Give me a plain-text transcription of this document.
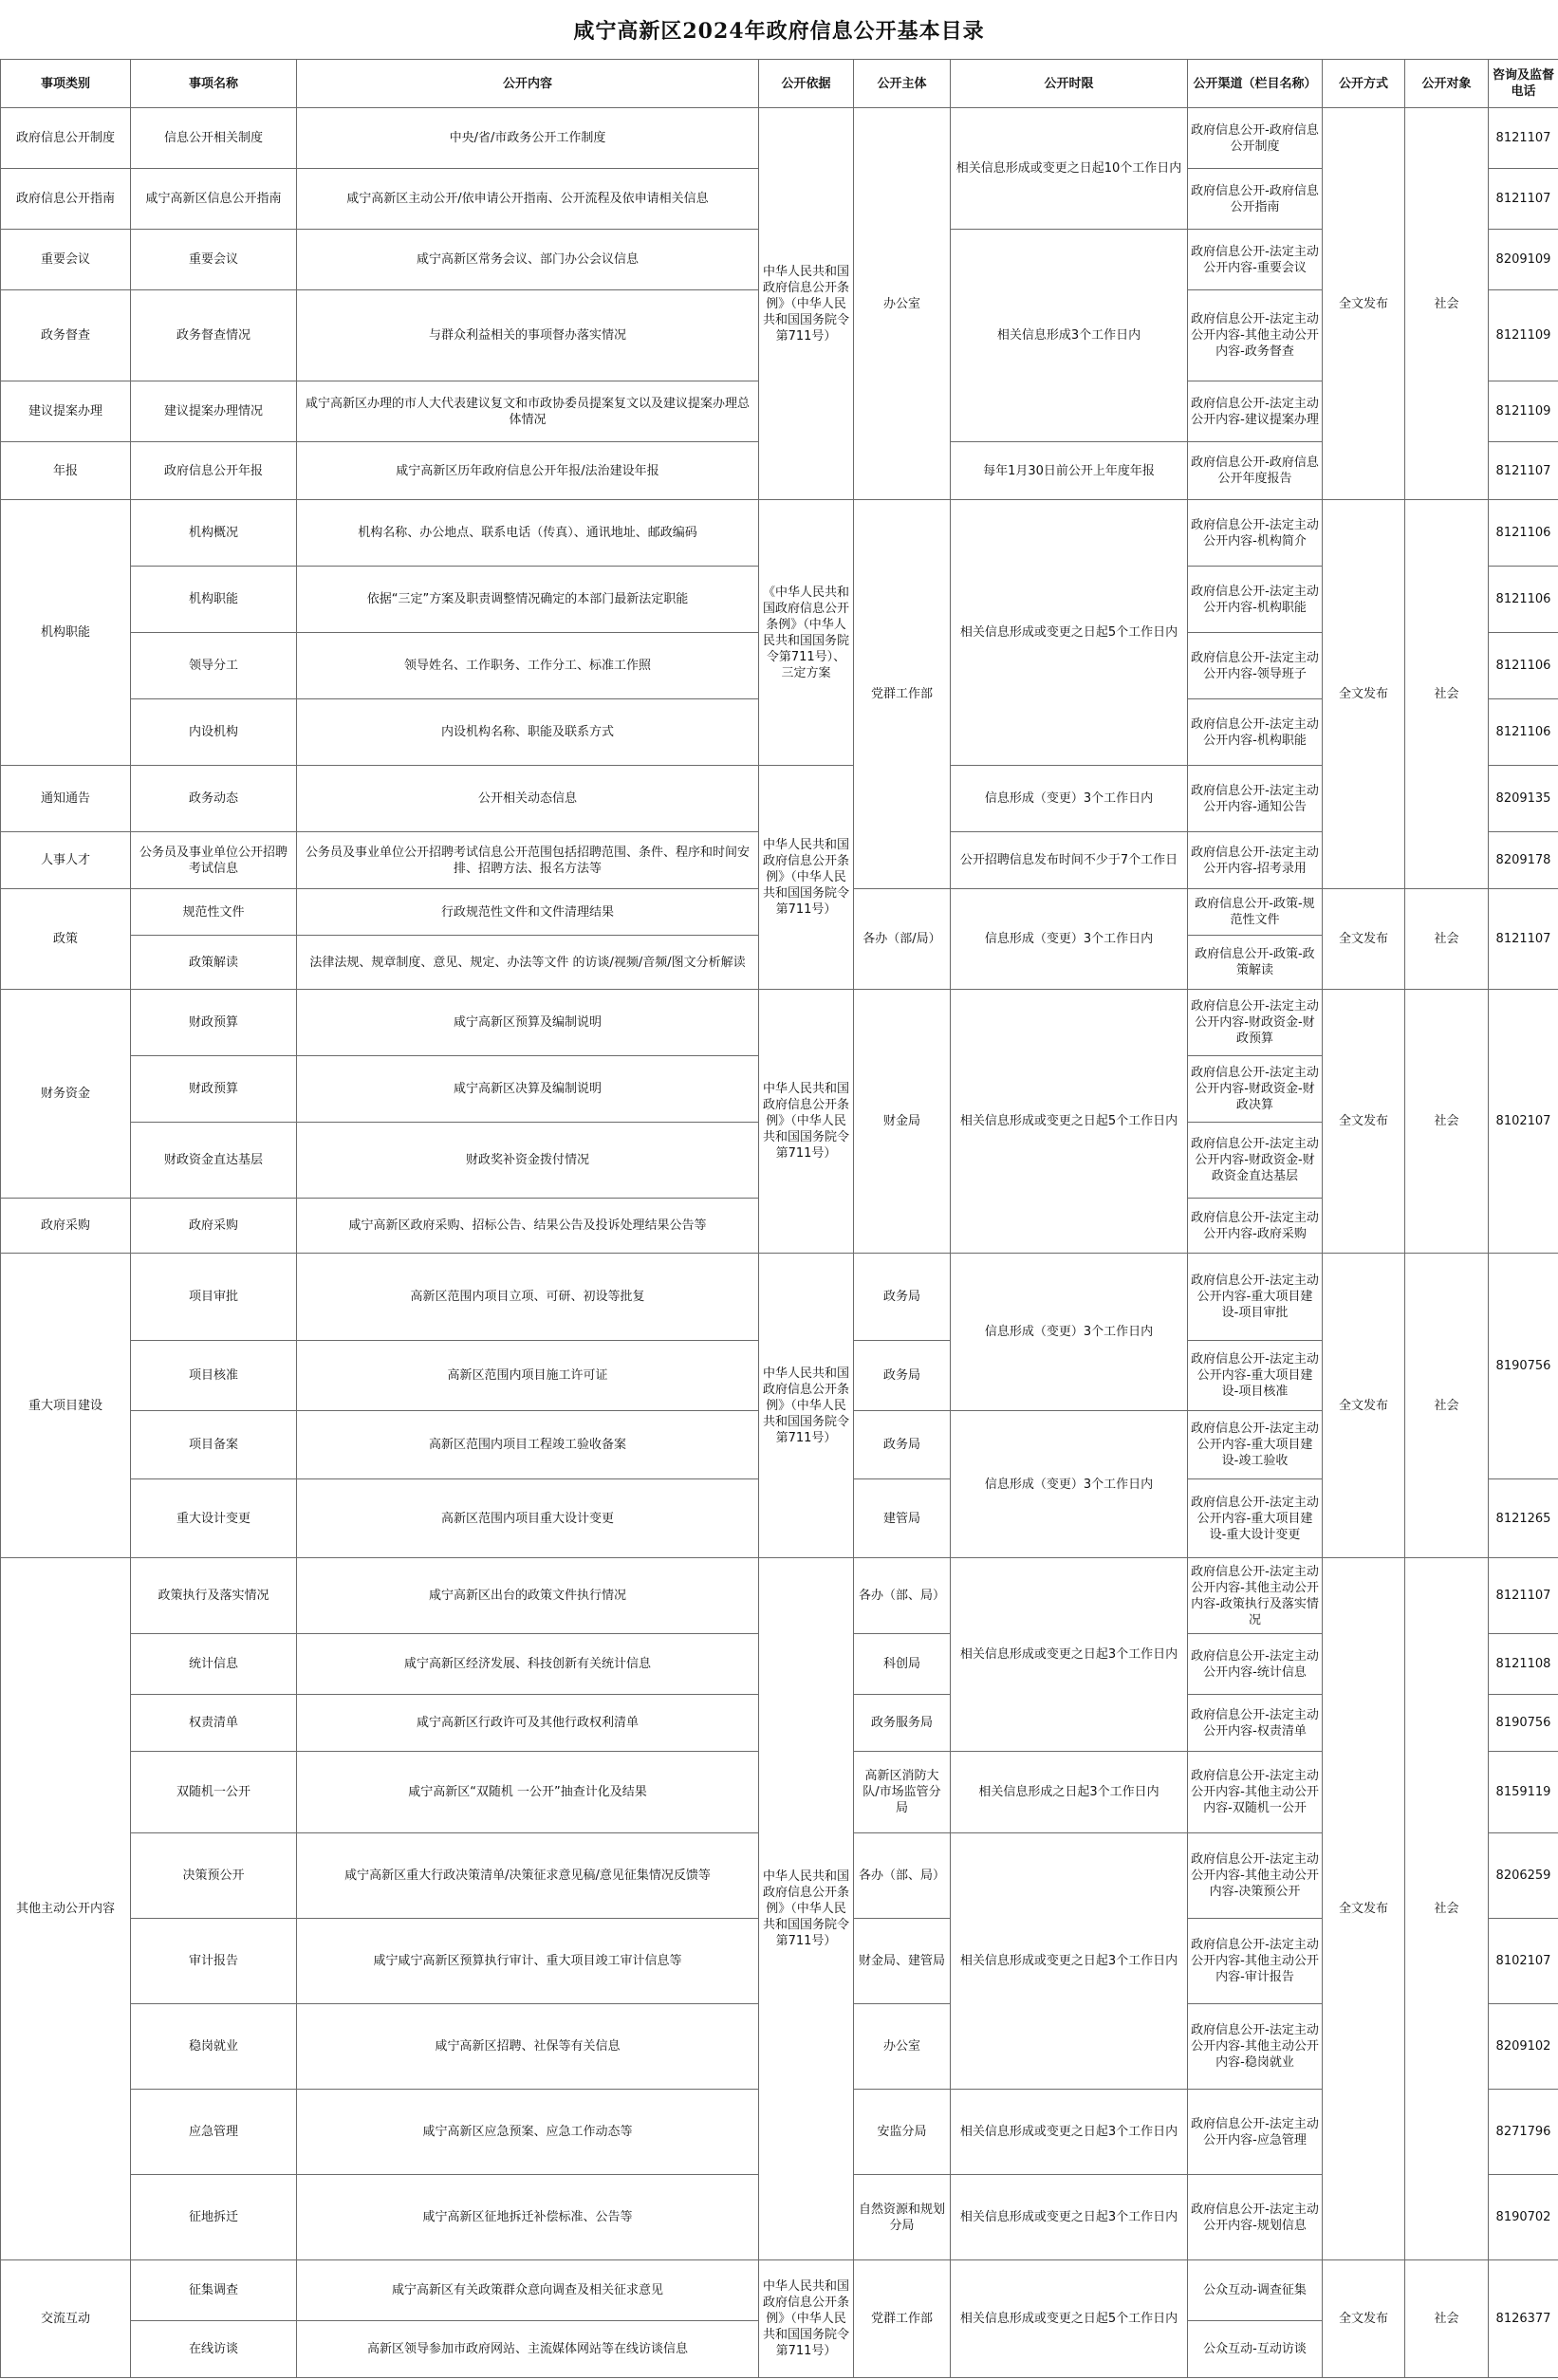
咸宁高新区2024年政府信息公开基本目录
事项类别	事项名称	公开内容	公开依据	公开主体	公开时限	公开渠道（栏目名称）	公开方式	公开对象	咨询及监督电话
政府信息公开制度	信息公开相关制度	中央/省/市政务公开工作制度	中华人民共和国政府信息公开条例》（中华人民共和国国务院令第711号）	办公室	相关信息形成或变更之日起10个工作日内	政府信息公开-政府信息公开制度	全文发布	社会	8121107
政府信息公开指南	咸宁高新区信息公开指南	咸宁高新区主动公开/依申请公开指南、公开流程及依申请相关信息				政府信息公开-政府信息公开指南			8121107
重要会议	重要会议	咸宁高新区常务会议、部门办公会议信息			相关信息形成3个工作日内	政府信息公开-法定主动公开内容-重要会议			8209109
政务督查	政务督查情况	与群众利益相关的事项督办落实情况				政府信息公开-法定主动公开内容-其他主动公开内容-政务督查			8121109
建议提案办理	建议提案办理情况	咸宁高新区办理的市人大代表建议复文和市政协委员提案复文以及建议提案办理总体情况				政府信息公开-法定主动公开内容-建议提案办理			8121109
年报	政府信息公开年报	咸宁高新区历年政府信息公开年报/法治建设年报			每年1月30日前公开上年度年报	政府信息公开-政府信息公开年度报告			8121107
机构职能	机构概况	机构名称、办公地点、联系电话（传真）、通讯地址、邮政编码	《中华人民共和国政府信息公开条例》（中华人民共和国国务院令第711号）、三定方案	党群工作部	相关信息形成或变更之日起5个工作日内	政府信息公开-法定主动公开内容-机构简介	全文发布	社会	8121106
	机构职能	依据“三定”方案及职责调整情况确定的本部门最新法定职能				政府信息公开-法定主动公开内容-机构职能			8121106
	领导分工	领导姓名、工作职务、工作分工、标准工作照				政府信息公开-法定主动公开内容-领导班子			8121106
	内设机构	内设机构名称、职能及联系方式				政府信息公开-法定主动公开内容-机构职能			8121106
通知通告	政务动态	公开相关动态信息	中华人民共和国政府信息公开条例》（中华人民共和国国务院令第711号）		信息形成（变更）3个工作日内	政府信息公开-法定主动公开内容-通知公告			8209135
人事人才	公务员及事业单位公开招聘考试信息	公务员及事业单位公开招聘考试信息公开范围包括招聘范围、条件、程序和时间安排、招聘方法、报名方法等			公开招聘信息发布时间不少于7个工作日	政府信息公开-法定主动公开内容-招考录用			8209178
政策	规范性文件	行政规范性文件和文件清理结果		各办（部/局）	信息形成（变更）3个工作日内	政府信息公开-政策-规范性文件	全文发布	社会	8121107
	政策解读	法律法规、规章制度、意见、规定、办法等文件 的访谈/视频/音频/图文分析解读				政府信息公开-政策-政策解读			
财务资金	财政预算	咸宁高新区预算及编制说明	中华人民共和国政府信息公开条例》（中华人民共和国国务院令第711号）	财金局	相关信息形成或变更之日起5个工作日内	政府信息公开-法定主动公开内容-财政资金-财政预算	全文发布	社会	8102107
	财政预算	咸宁高新区决算及编制说明				政府信息公开-法定主动公开内容-财政资金-财政决算			
	财政资金直达基层	财政奖补资金拨付情况				政府信息公开-法定主动公开内容-财政资金-财政资金直达基层			
政府采购	政府采购	咸宁高新区政府采购、招标公告、结果公告及投诉处理结果公告等				政府信息公开-法定主动公开内容-政府采购			
重大项目建设	项目审批	高新区范围内项目立项、可研、初设等批复	中华人民共和国政府信息公开条例》（中华人民共和国国务院令第711号）	政务局	信息形成（变更）3个工作日内	政府信息公开-法定主动公开内容-重大项目建设-项目审批	全文发布	社会	8190756
	项目核准	高新区范围内项目施工许可证		政务局		政府信息公开-法定主动公开内容-重大项目建设-项目核准			
	项目备案	高新区范围内项目工程竣工验收备案		政务局	信息形成（变更）3个工作日内	政府信息公开-法定主动公开内容-重大项目建设-竣工验收			
	重大设计变更	高新区范围内项目重大设计变更		建管局		政府信息公开-法定主动公开内容-重大项目建设-重大设计变更			8121265
其他主动公开内容	政策执行及落实情况	咸宁高新区出台的政策文件执行情况	中华人民共和国政府信息公开条例》（中华人民共和国国务院令第711号）	各办（部、局）	相关信息形成或变更之日起3个工作日内	政府信息公开-法定主动公开内容-其他主动公开内容-政策执行及落实情况	全文发布	社会	8121107
	统计信息	咸宁高新区经济发展、科技创新有关统计信息		科创局		政府信息公开-法定主动公开内容-统计信息			8121108
	权责清单	咸宁高新区行政许可及其他行政权利清单		政务服务局		政府信息公开-法定主动公开内容-权责清单			8190756
	双随机一公开	咸宁高新区“双随机 一公开”抽查计化及结果		高新区消防大队/市场监管分局	相关信息形成之日起3个工作日内	政府信息公开-法定主动公开内容-其他主动公开内容-双随机一公开			8159119
	决策预公开	咸宁高新区重大行政决策清单/决策征求意见稿/意见征集情况反馈等		各办（部、局）	相关信息形成或变更之日起3个工作日内	政府信息公开-法定主动公开内容-其他主动公开内容-决策预公开			8206259
	审计报告	咸宁咸宁高新区预算执行审计、重大项目竣工审计信息等		财金局、建管局		政府信息公开-法定主动公开内容-其他主动公开内容-审计报告			8102107
	稳岗就业	咸宁高新区招聘、社保等有关信息		办公室		政府信息公开-法定主动公开内容-其他主动公开内容-稳岗就业			8209102
	应急管理	咸宁高新区应急预案、应急工作动态等		安监分局	相关信息形成或变更之日起3个工作日内	政府信息公开-法定主动公开内容-应急管理			8271796
	征地拆迁	咸宁高新区征地拆迁补偿标准、公告等		自然资源和规划分局	相关信息形成或变更之日起3个工作日内	政府信息公开-法定主动公开内容-规划信息			8190702
交流互动	征集调查	咸宁高新区有关政策群众意向调查及相关征求意见	中华人民共和国政府信息公开条例》（中华人民共和国国务院令第711号）	党群工作部	相关信息形成或变更之日起5个工作日内	公众互动-调查征集	全文发布	社会	8126377
	在线访谈	高新区领导参加市政府网站、主流媒体网站等在线访谈信息				公众互动-互动访谈			
